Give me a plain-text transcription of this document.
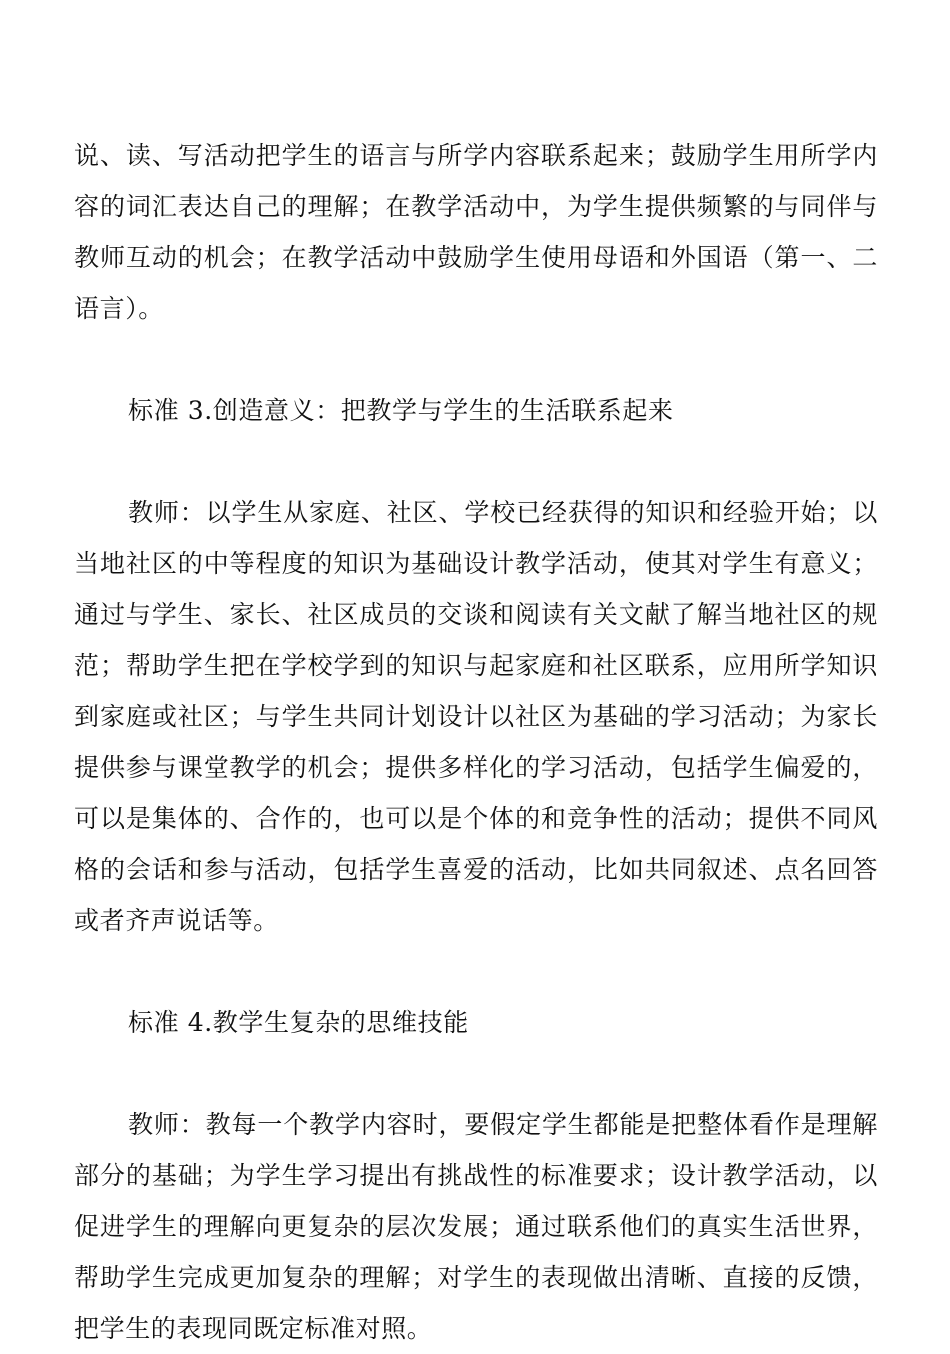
说、读、写活动把学生的语言与所学内容联系起来；鼓励学生用所学内容的词汇表达自己的理解；在教学活动中，为学生提供频繁的与同伴与教师互动的机会；在教学活动中鼓励学生使用母语和外国语（第一、二语言）。

标准 3.创造意义：把教学与学生的生活联系起来

教师：以学生从家庭、社区、学校已经获得的知识和经验开始；以当地社区的中等程度的知识为基础设计教学活动，使其对学生有意义；通过与学生、家长、社区成员的交谈和阅读有关文献了解当地社区的规范；帮助学生把在学校学到的知识与起家庭和社区联系，应用所学知识到家庭或社区；与学生共同计划设计以社区为基础的学习活动；为家长提供参与课堂教学的机会；提供多样化的学习活动，包括学生偏爱的，可以是集体的、合作的，也可以是个体的和竞争性的活动；提供不同风格的会话和参与活动，包括学生喜爱的活动，比如共同叙述、点名回答或者齐声说话等。

标准 4.教学生复杂的思维技能

教师：教每一个教学内容时，要假定学生都能是把整体看作是理解部分的基础；为学生学习提出有挑战性的标准要求；设计教学活动，以促进学生的理解向更复杂的层次发展；通过联系他们的真实生活世界，帮助学生完成更加复杂的理解；对学生的表现做出清晰、直接的反馈，把学生的表现同既定标准对照。
